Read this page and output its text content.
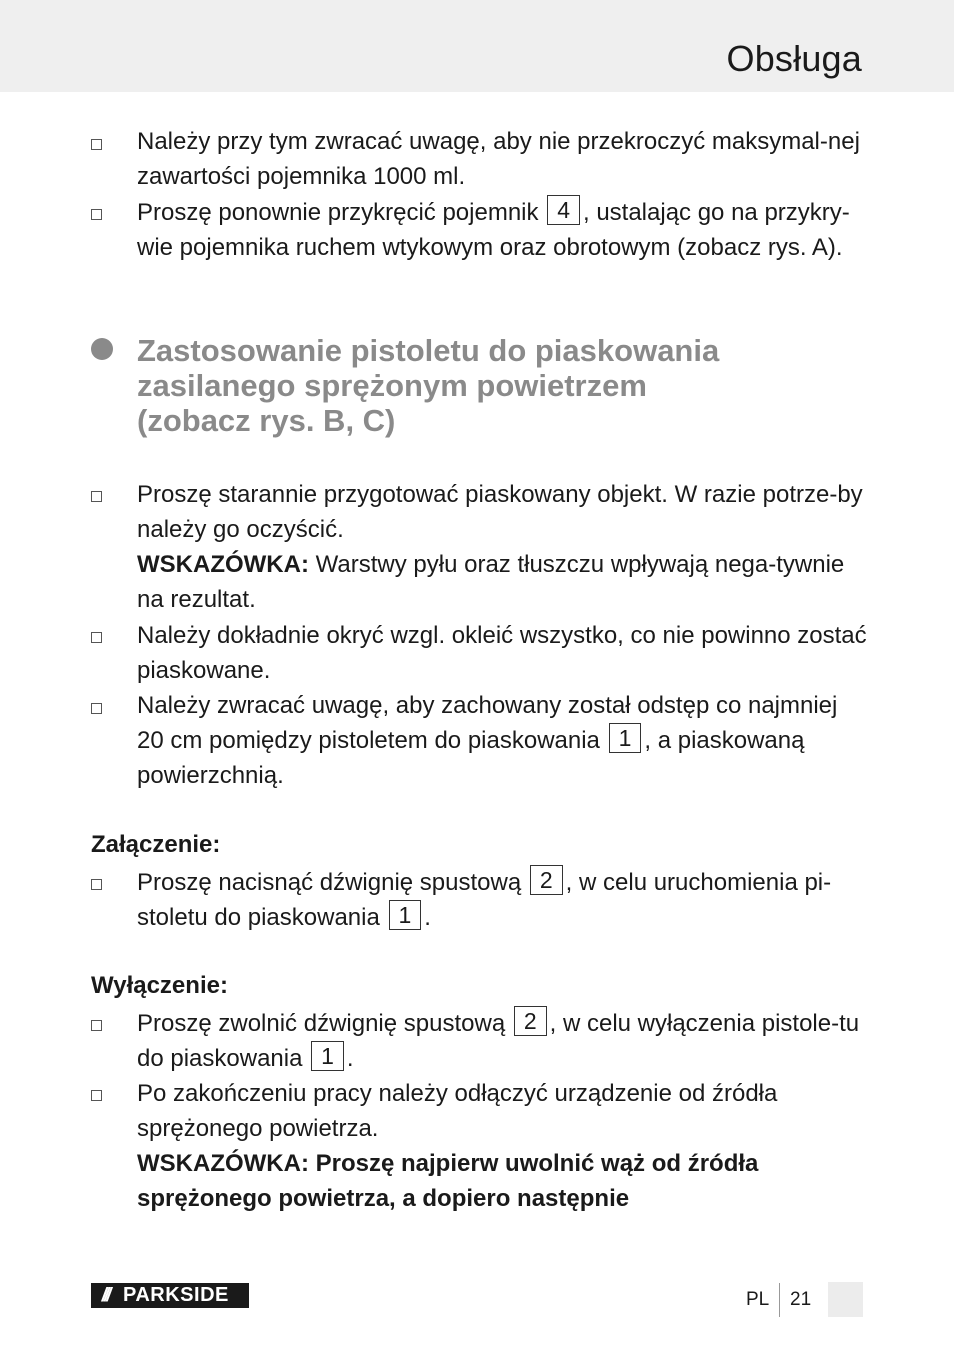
Obsługa
Należy przy tym zwracać uwagę, aby nie przekroczyć maksymal-nej zawartości pojemnika 1000 ml.
Proszę ponownie przykręcić pojemnik 4 , ustalając go na przykry-wie pojemnika ruchem wtykowym oraz obrotowym (zobacz rys. A).
Zastosowanie pistoletu do piaskowania
zasilanego sprężonym powietrzem
(zobacz rys. B, C)
Proszę starannie przygotować piaskowany objekt. W razie potrze-by należy go oczyścić.
WSKAZÓWKA: Warstwy pyłu oraz tłuszczu wpływają nega-tywnie na rezultat.
Należy dokładnie okryć wzgl. okleić wszystko, co nie powinno zostać piaskowane.
Należy zwracać uwagę, aby zachowany został odstęp co najmniej 20 cm pomiędzy pistoletem do piaskowania 1 , a piaskowaną powierzchnią.
Załączenie:
Proszę nacisnąć dźwignię spustową 2 , w celu uruchomienia pi-stoletu do piaskowania 1 .
Wyłączenie:
Proszę zwolnić dźwignię spustową 2 , w celu wyłączenia pistole-tu do piaskowania 1 .
Po zakończeniu pracy należy odłączyć urządzenie od źródła sprężonego powietrza.
WSKAZÓWKA: Proszę najpierw uwolnić wąż od źródła sprężonego powietrza, a dopiero następnie
/// PARKSIDE	PL 21
